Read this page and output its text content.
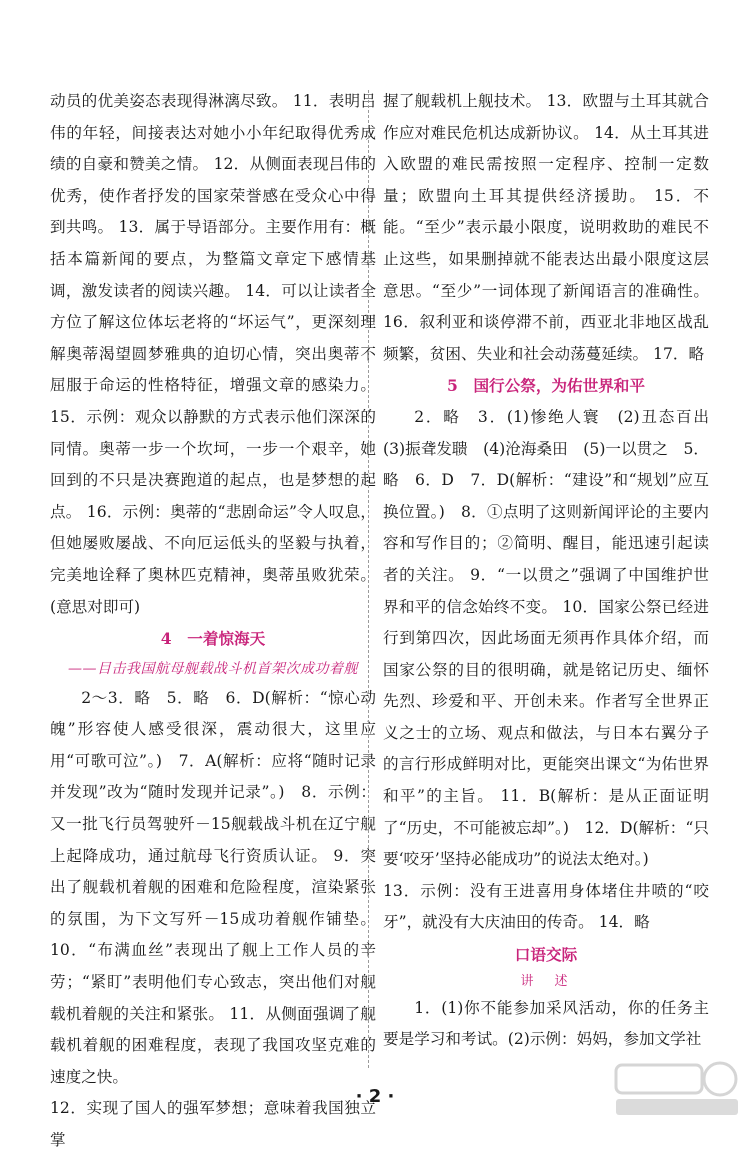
动员的优美姿态表现得淋漓尽致。 11．表明吕伟的年轻，间接表达对她小小年纪取得优秀成绩的自豪和赞美之情。 12．从侧面表现吕伟的优秀，使作者抒发的国家荣誉感在受众心中得到共鸣。 13．属于导语部分。主要作用有：概括本篇新闻的要点，为整篇文章定下感情基调，激发读者的阅读兴趣。 14．可以让读者全方位了解这位体坛老将的“坏运气”，更深刻理解奥蒂渴望圆梦雅典的迫切心情，突出奥蒂不屈服于命运的性格特征，增强文章的感染力。 15．示例：观众以静默的方式表示他们深深的同情。奥蒂一步一个坎坷，一步一个艰辛，她回到的不只是决赛跑道的起点，也是梦想的起点。 16．示例：奥蒂的“悲剧命运”令人叹息，但她屡败屡战、不向厄运低头的坚毅与执着，完美地诠释了奥林匹克精神，奥蒂虽败犹荣。(意思对即可)
4　一着惊海天
——目击我国航母舰载战斗机首架次成功着舰
2～3．略　5．略　6．D(解析：“惊心动魄”形容使人感受很深，震动很大，这里应用“可歌可泣”。)　7．A(解析：应将“随时记录并发现”改为“随时发现并记录”。)　8．示例：又一批飞行员驾驶歼－15舰载战斗机在辽宁舰上起降成功，通过航母飞行资质认证。 9．突出了舰载机着舰的困难和危险程度，渲染紧张的氛围，为下文写歼－15成功着舰作铺垫。 10．“布满血丝”表现出了舰上工作人员的辛劳；“紧盯”表明他们专心致志，突出他们对舰载机着舰的关注和紧张。 11．从侧面强调了舰载机着舰的困难程度，表现了我国攻坚克难的速度之快。
12．实现了国人的强军梦想；意味着我国独立掌
握了舰载机上舰技术。 13．欧盟与土耳其就合作应对难民危机达成新协议。 14．从土耳其进入欧盟的难民需按照一定程序、控制一定数量；欧盟向土耳其提供经济援助。 15．不能。“至少”表示最小限度，说明救助的难民不止这些，如果删掉就不能表达出最小限度这层意思。“至少”一词体现了新闻语言的准确性。 16．叙利亚和谈停滞不前，西亚北非地区战乱频繁，贫困、失业和社会动荡蔓延续。 17．略
5　国行公祭，为佑世界和平
2．略　3．(1)惨绝人寰　(2)丑态百出　(3)振聋发聩　(4)沧海桑田　(5)一以贯之　5．略　6．D　7．D(解析：“建设”和“规划”应互换位置。)　8．①点明了这则新闻评论的主要内容和写作目的；②简明、醒目，能迅速引起读者的关注。 9．“一以贯之”强调了中国维护世界和平的信念始终不变。 10．国家公祭已经进行到第四次，因此场面无须再作具体介绍，而国家公祭的目的很明确，就是铭记历史、缅怀先烈、珍爱和平、开创未来。作者写全世界正义之士的立场、观点和做法，与日本右翼分子的言行形成鲜明对比，更能突出课文“为佑世界和平”的主旨。 11．B(解析：是从正面证明了“历史，不可能被忘却”。)　12．D(解析：“只要‘咬牙’坚持必能成功”的说法太绝对。)
13．示例：没有王进喜用身体堵住井喷的“咬牙”，就没有大庆油田的传奇。 14．略
口语交际
讲　述
1．(1)你不能参加采风活动，你的任务主要是学习和考试。(2)示例：妈妈，参加文学社
· 2 ·
